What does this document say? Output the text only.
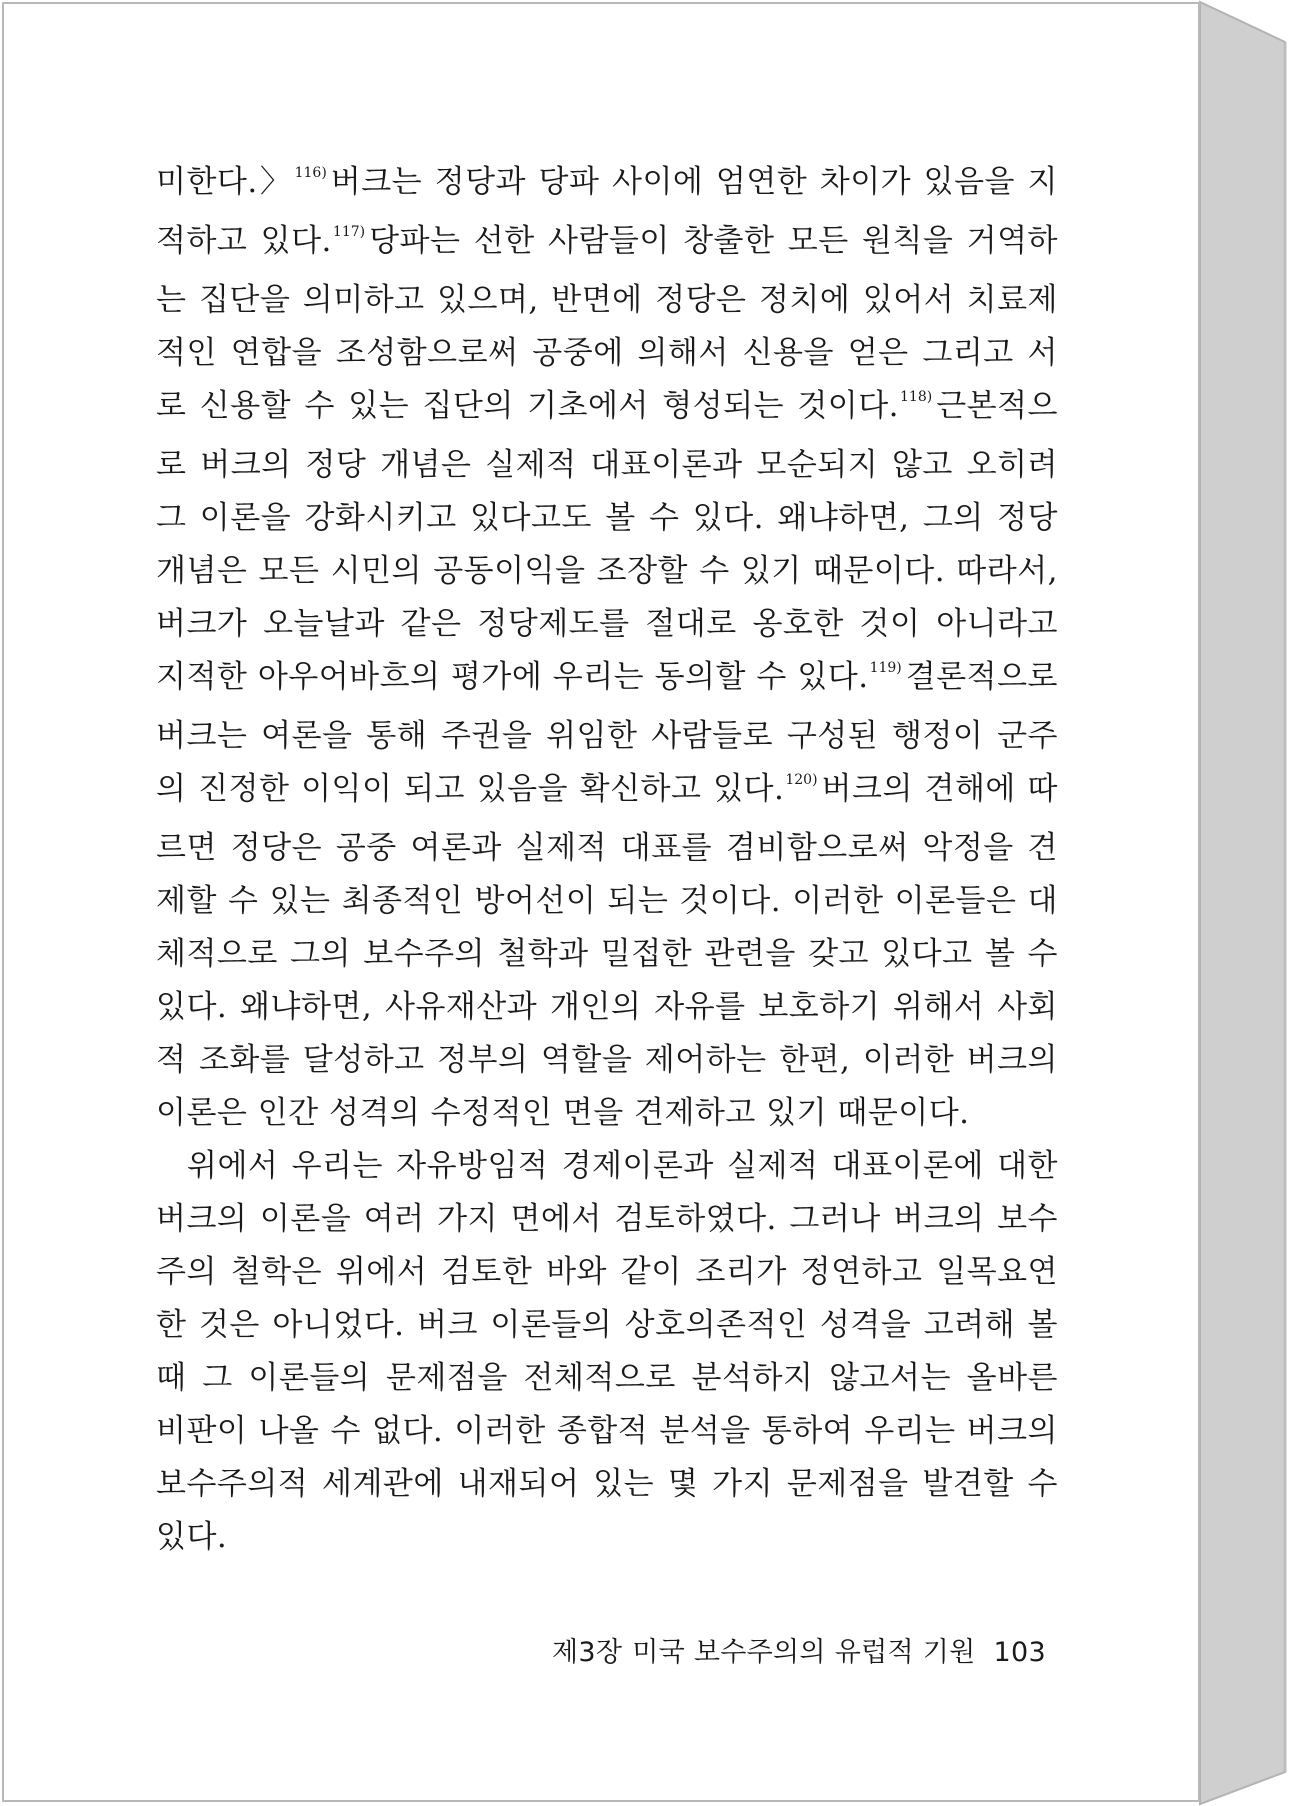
미한다.〉$^{116)}$ 버크는 정당과 당파 사이에 엄연한 차이가 있음을 지적하고 있다.$^{117)}$ 당파는 선한 사람들이 창출한 모든 원칙을 거역하는 집단을 의미하고 있으며, 반면에 정당은 정치에 있어서 치료제적인 연합을 조성함으로써 공중에 의해서 신용을 얻은 그리고 서로 신용할 수 있는 집단의 기초에서 형성되는 것이다.$^{118)}$ 근본적으로 버크의 정당 개념은 실제적 대표이론과 모순되지 않고 오히려 그 이론을 강화시키고 있다고도 볼 수 있다. 왜냐하면, 그의 정당 개념은 모든 시민의 공동이익을 조장할 수 있기 때문이다. 따라서, 버크가 오늘날과 같은 정당제도를 절대로 옹호한 것이 아니라고 지적한 아우어바흐의 평가에 우리는 동의할 수 있다.$^{119)}$ 결론적으로 버크는 여론을 통해 주권을 위임한 사람들로 구성된 행정이 군주의 진정한 이익이 되고 있음을 확신하고 있다.$^{120)}$ 버크의 견해에 따르면 정당은 공중 여론과 실제적 대표를 겸비함으로써 악정을 견제할 수 있는 최종적인 방어선이 되는 것이다. 이러한 이론들은 대체적으로 그의 보수주의 철학과 밀접한 관련을 갖고 있다고 볼 수 있다. 왜냐하면, 사유재산과 개인의 자유를 보호하기 위해서 사회적 조화를 달성하고 정부의 역할을 제어하는 한편, 이러한 버크의 이론은 인간 성격의 수정적인 면을 견제하고 있기 때문이다.

위에서 우리는 자유방임적 경제이론과 실제적 대표이론에 대한 버크의 이론을 여러 가지 면에서 검토하였다. 그러나 버크의 보수주의 철학은 위에서 검토한 바와 같이 조리가 정연하고 일목요연한 것은 아니었다. 버크 이론들의 상호의존적인 성격을 고려해 볼 때 그 이론들의 문제점을 전체적으로 분석하지 않고서는 올바른 비판이 나올 수 없다. 이러한 종합적 분석을 통하여 우리는 버크의 보수주의적 세계관에 내재되어 있는 몇 가지 문제점을 발견할 수 있다.

제3장 미국 보수주의의 유럽적 기원 103
